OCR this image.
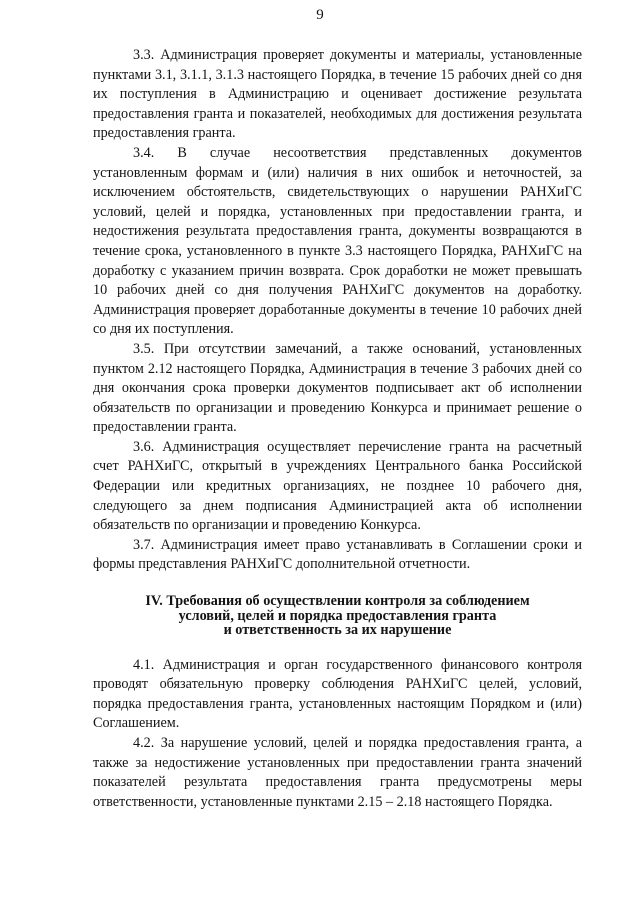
9

3.3. Администрация проверяет документы и материалы, установленные пунктами 3.1, 3.1.1, 3.1.3 настоящего Порядка, в течение 15 рабочих дней со дня их поступления в Администрацию и оценивает достижение результата предоставления гранта и показателей, необходимых для достижения результата предоставления гранта.

3.4. В случае несоответствия представленных документов установленным формам и (или) наличия в них ошибок и неточностей, за исключением обстоятельств, свидетельствующих о нарушении РАНХиГС условий, целей и порядка, установленных при предоставлении гранта, и недостижения результата предоставления гранта, документы возвращаются в течение срока, установленного в пункте 3.3 настоящего Порядка, РАНХиГС на доработку с указанием причин возврата. Срок доработки не может превышать 10 рабочих дней со дня получения РАНХиГС документов на доработку. Администрация проверяет доработанные документы в течение 10 рабочих дней со дня их поступления.

3.5. При отсутствии замечаний, а также оснований, установленных пунктом 2.12 настоящего Порядка, Администрация в течение 3 рабочих дней со дня окончания срока проверки документов подписывает акт об исполнении обязательств по организации и проведению Конкурса и принимает решение о предоставлении гранта.

3.6. Администрация осуществляет перечисление гранта на расчетный счет РАНХиГС, открытый в учреждениях Центрального банка Российской Федерации или кредитных организациях, не позднее 10 рабочего дня, следующего за днем подписания Администрацией акта об исполнении обязательств по организации и проведению Конкурса.

3.7. Администрация имеет право устанавливать в Соглашении сроки и формы представления РАНХиГС дополнительной отчетности.

IV. Требования об осуществлении контроля за соблюдением
условий, целей и порядка предоставления гранта
и ответственность за их нарушение

4.1. Администрация и орган государственного финансового контроля проводят обязательную проверку соблюдения РАНХиГС целей, условий, порядка предоставления гранта, установленных настоящим Порядком и (или) Соглашением.

4.2. За нарушение условий, целей и порядка предоставления гранта, а также за недостижение установленных при предоставлении гранта значений показателей результата предоставления гранта предусмотрены меры ответственности, установленные пунктами 2.15 – 2.18 настоящего Порядка.
